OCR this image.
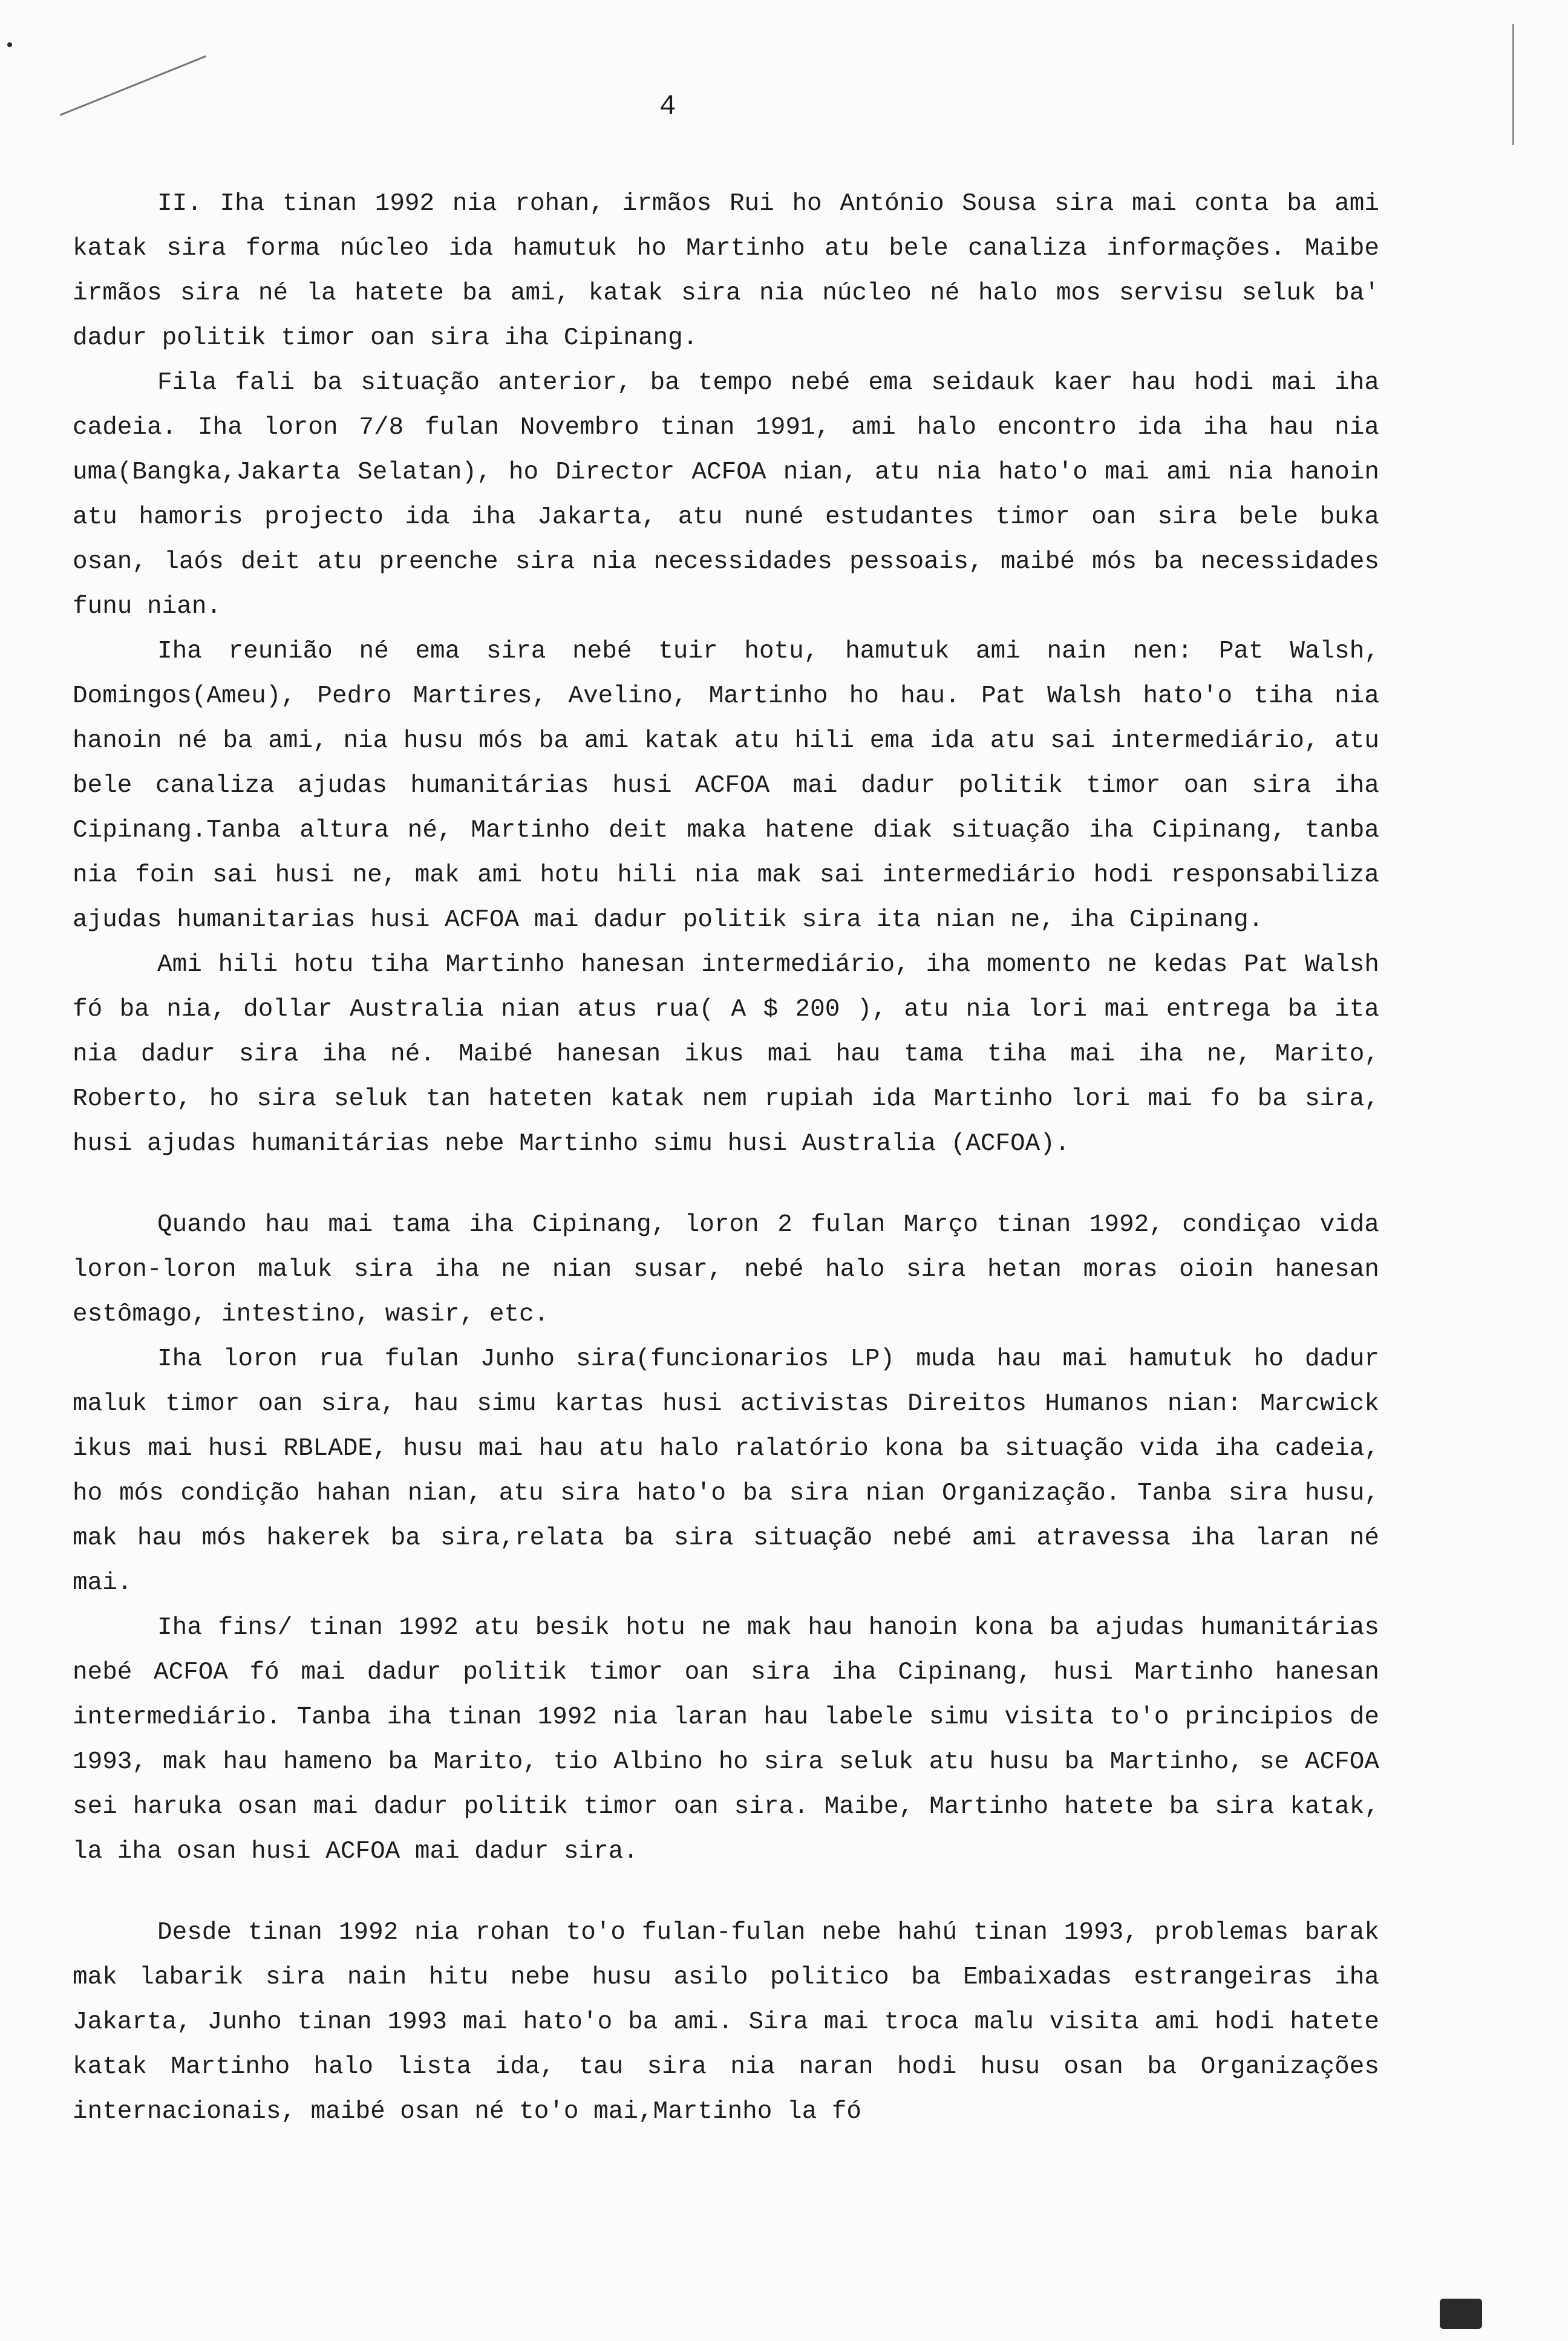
4

II. Iha tinan 1992 nia rohan, irmãos Rui ho António Sousa sira mai conta ba ami katak sira forma núcleo ida hamutuk ho Martinho atu bele canaliza informações. Maibe irmãos sira né la hatete ba ami, katak sira nia núcleo né halo mos servisu seluk ba' dadur politik timor oan sira iha Cipinang.

Fila fali ba situação anterior, ba tempo nebé ema seidauk kaer hau hodi mai iha cadeia. Iha loron 7/8 fulan Novembro tinan 1991, ami halo encontro ida iha hau nia uma(Bangka,Jakarta Selatan), ho Director ACFOA nian, atu nia hato'o mai ami nia hanoin atu hamoris projecto ida iha Jakarta, atu nuné estudantes timor oan sira bele buka osan, laós deit atu preenche sira nia necessidades pessoais, maibé mós ba necessidades funu nian.

Iha reunião né ema sira nebé tuir hotu, hamutuk ami nain nen: Pat Walsh, Domingos(Ameu), Pedro Martires, Avelino, Martinho ho hau. Pat Walsh hato'o tiha nia hanoin né ba ami, nia husu mós ba ami katak atu hili ema ida atu sai intermediário, atu bele canaliza ajudas humanitárias husi ACFOA mai dadur politik timor oan sira iha Cipinang.Tanba altura né, Martinho deit maka hatene diak situação iha Cipinang, tanba nia foin sai husi ne, mak ami hotu hili nia mak sai intermediário hodi responsabiliza ajudas humanitarias husi ACFOA mai dadur politik sira ita nian ne, iha Cipinang.

Ami hili hotu tiha Martinho hanesan intermediário, iha momento ne kedas Pat Walsh fó ba nia, dollar Australia nian atus rua( A $ 200 ), atu nia lori mai entrega ba ita nia dadur sira iha né. Maibé hanesan ikus mai hau tama tiha mai iha ne, Marito, Roberto, ho sira seluk tan hateten katak nem rupiah ida Martinho lori mai fo ba sira, husi ajudas humanitárias nebe Martinho simu husi Australia (ACFOA).

Quando hau mai tama iha Cipinang, loron 2 fulan Março tinan 1992, condiçao vida loron-loron maluk sira iha ne nian susar, nebé halo sira hetan moras oioin hanesan estômago, intestino, wasir, etc.

Iha loron rua fulan Junho sira(funcionarios LP) muda hau mai hamutuk ho dadur maluk timor oan sira, hau simu kartas husi activistas Direitos Humanos nian: Marcwick ikus mai husi RBLADE, husu mai hau atu halo ralatório kona ba situação vida iha cadeia, ho mós condição hahan nian, atu sira hato'o ba sira nian Organização. Tanba sira husu, mak hau mós hakerek ba sira,relata ba sira situação nebé ami atravessa iha laran né mai.

Iha fins/ tinan 1992 atu besik hotu ne mak hau hanoin kona ba ajudas humanitárias nebé ACFOA fó mai dadur politik timor oan sira iha Cipinang, husi Martinho hanesan intermediário. Tanba iha tinan 1992 nia laran hau labele simu visita to'o principios de 1993, mak hau hameno ba Marito, tio Albino ho sira seluk atu husu ba Martinho, se ACFOA sei haruka osan mai dadur politik timor oan sira. Maibe, Martinho hatete ba sira katak, la iha osan husi ACFOA mai dadur sira.

Desde tinan 1992 nia rohan to'o fulan-fulan nebe hahú tinan 1993, problemas barak mak labarik sira nain hitu nebe husu asilo politico ba Embaixadas estrangeiras iha Jakarta, Junho tinan 1993 mai hato'o ba ami. Sira mai troca malu visita ami hodi hatete katak Martinho halo lista ida, tau sira nia naran hodi husu osan ba Organizações internacionais, maibé osan né to'o mai,Martinho la fó
